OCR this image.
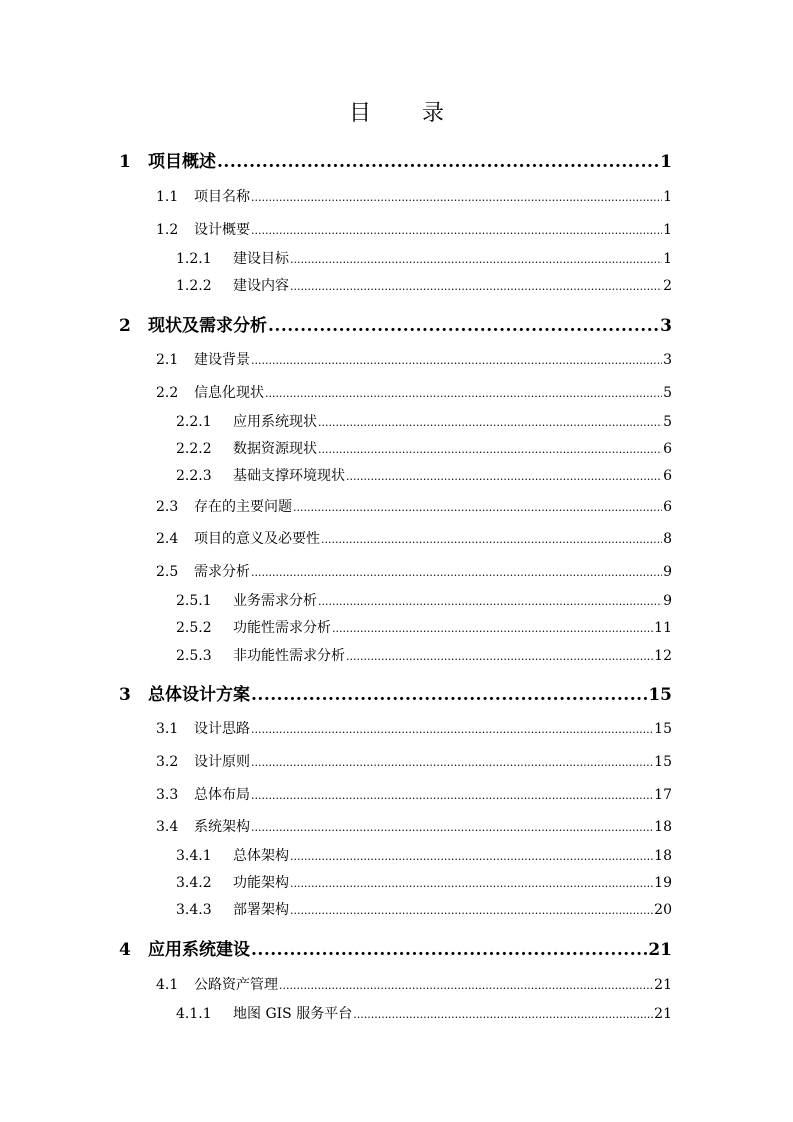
目 录
1	项目概述 .....	1
1.1	项目名称 .....	1
1.2	设计概要 .....	1
1.2.1	建设目标 .....	1
1.2.2	建设内容 .....	2
2	现状及需求分析 .....	3
2.1	建设背景 .....	3
2.2	信息化现状 .....	5
2.2.1	应用系统现状 .....	5
2.2.2	数据资源现状 .....	6
2.2.3	基础支撑环境现状 .....	6
2.3	存在的主要问题 .....	6
2.4	项目的意义及必要性 .....	8
2.5	需求分析 .....	9
2.5.1	业务需求分析 .....	9
2.5.2	功能性需求分析 .....	11
2.5.3	非功能性需求分析 .....	12
3	总体设计方案 .....	15
3.1	设计思路 .....	15
3.2	设计原则 .....	15
3.3	总体布局 .....	17
3.4	系统架构 .....	18
3.4.1	总体架构 .....	18
3.4.2	功能架构 .....	19
3.4.3	部署架构 .....	20
4	应用系统建设 .....	21
4.1	公路资产管理 .....	21
4.1.1	地图 GIS 服务平台 .....	21
